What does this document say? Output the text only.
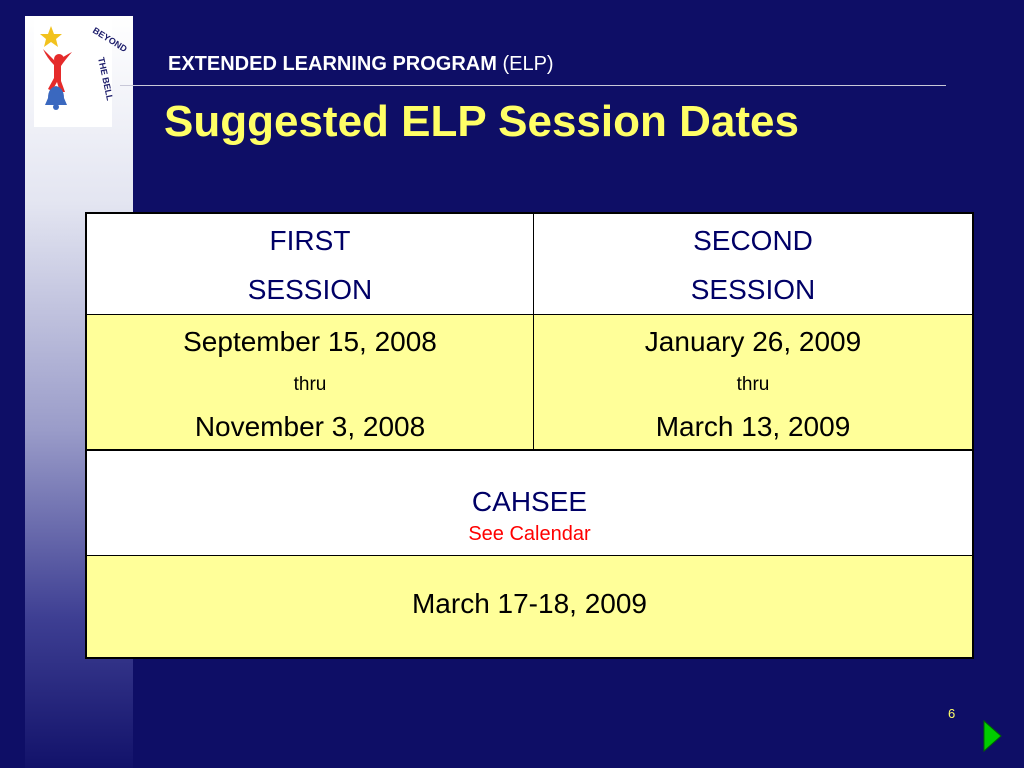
BEYOND
THE BELL	EXTENDED LEARNING PROGRAM (ELP)
Suggested ELP Session Dates
FIRST
SESSION
SECOND
SESSION
September 15, 2008
thru
November 3, 2008
January 26, 2009
thru
March 13, 2009
CAHSEE
See Calendar
March 17-18, 2009
6
